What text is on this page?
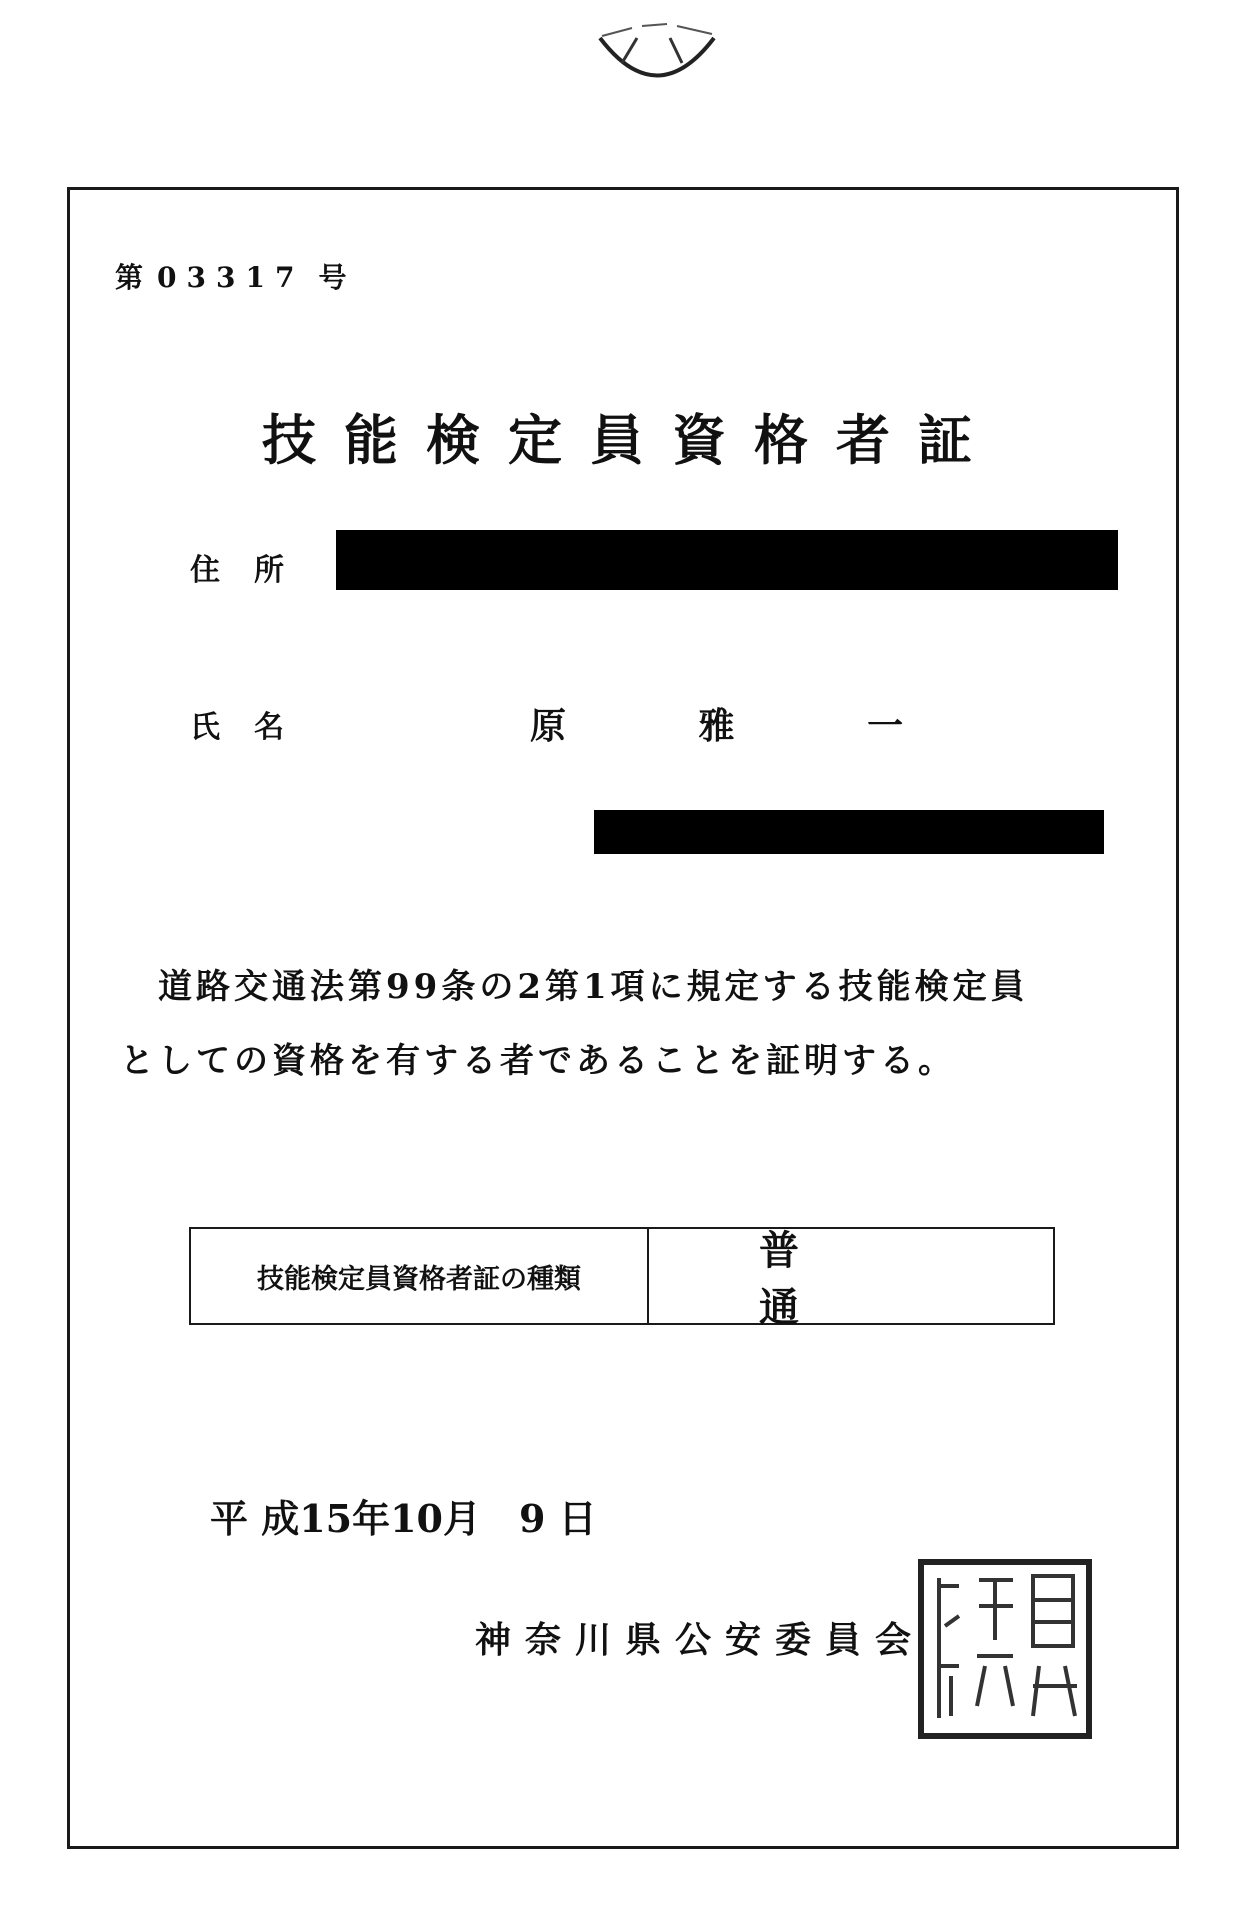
第 03317 号
技能検定員資格者証
住所
氏名	原 雅 一
道路交通法第99条の2第1項に規定する技能検定員
としての資格を有する者であることを証明する。
技能検定員資格者証の種類
普通
平 成15年10月　9 日
神奈川県公安委員会
